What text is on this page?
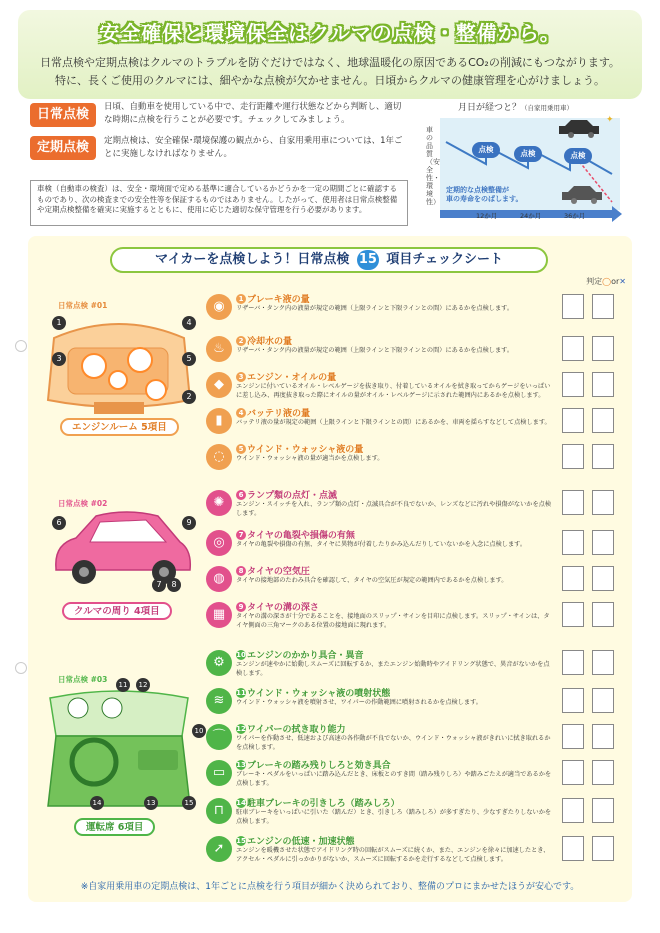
安全確保と環境保全はクルマの点検・整備から。
日常点検や定期点検はクルマのトラブルを防ぐだけではなく、地球温暖化の原因であるCO₂の削減にもつながります。
特に、長くご使用のクルマには、細やかな点検が欠かせません。日頃からクルマの健康管理を心がけましょう。
日常点検	日頃、自動車を使用している中で、走行距離や運行状態などから判断し、適切な時期に点検を行うことが必要です。チェックしてみましょう。
定期点検	定期点検は、安全確保･環境保護の観点から、自家用乗用車については、1年ごとに実施しなければなりません。
車検（自動車の検査）は、安全・環境面で定める基準に適合しているかどうかを一定の期間ごとに確認するものであり、次の検査までの安全性等を保証するものではありません。したがって、使用者は日常点検整備や定期点検整備を確実に実施するとともに、使用に応じた適切な保守管理を行う必要があります。
月日が経つと？（自家用乗用車）
車の品質（安全性・環境性）
✦
点検	点検	点検
定期的な点検整備が
車の寿命をのばします。
12か月	24か月	36か月
マイカーを点検しよう！日常点検 15 項目チェックシート
判定◯or✕
日常点検 #01
1
2
3
4
5
エンジンルーム 5項目
日常点検 #02
6
7	8
9
クルマの周り 4項目
日常点検 #03
10
11	12
13
14	15
運転席 6項目
◉	1 ブレーキ液の量
リザーバ・タンク内の液量が規定の範囲（上限ラインと下限ラインとの間）にあるかを点検します。
♨	2 冷却水の量
リザーバ・タンク内の液量が規定の範囲（上限ラインと下限ラインとの間）にあるかを点検します。
◆	3 エンジン・オイルの量
エンジンに付いているオイル・レベルゲージを抜き取り、付着しているオイルを拭き取ってからゲージをいっぱいに差し込み、再度抜き取った際にオイルの量がオイル・レベルゲージに示された範囲内にあるかを点検します。
▮	4 バッテリ液の量
バッテリ液の量が規定の範囲（上限ラインと下限ラインとの間）にあるかを、車両を揺らすなどして点検します。
◌	5 ウインド・ウォッシャ液の量
ウインド・ウォッシャ液の量が適当かを点検します。
✺	6 ランプ類の点灯・点滅
エンジン・スイッチを入れ、ランプ類の点灯・点滅具合が不良でないか、レンズなどに汚れや損傷がないかを点検します。
◎	7 タイヤの亀裂や損傷の有無
タイヤの亀裂や損傷の有無、タイヤに異物が付着したりかみ込んだりしていないかを入念に点検します。
◍	8 タイヤの空気圧
タイヤの接地部のたわみ具合を確認して、タイヤの空気圧が規定の範囲内であるかを点検します。
▦	9 タイヤの溝の深さ
タイヤの溝の深さが十分であることを、接地面のスリップ・サインを目印に点検します。スリップ・サインは、タイヤ側面の三角マークのある位置の接地面に現れます。
⚙	10エンジンのかかり具合・異音
エンジンが速やかに始動しスムーズに回転するか、またエンジン始動時やアイドリング状態で、異音がないかを点検します。
≋	11ウインド・ウォッシャ液の噴射状態
ウインド・ウォッシャ液を噴射させ、ワイパーの作動範囲に噴射されるかを点検します。
⌒	12ワイパーの拭き取り能力
ワイパーを作動させ、低速および高速の各作動が不良でないか、ウインド・ウォッシャ液がきれいに拭き取れるかを点検します。
▭	13ブレーキの踏み残りしろと効き具合
ブレーキ・ペダルをいっぱいに踏み込んだとき、床板とのすき間（踏み残りしろ）や踏みごたえが適当であるかを点検します。
⊓	14駐車ブレーキの引きしろ（踏みしろ）
駐車ブレーキをいっぱいに引いた（踏んだ）とき、引きしろ（踏みしろ）が多すぎたり、少なすぎたりしないかを点検します。
➚	15エンジンの低速・加速状態
エンジンを暖機させた状態でアイドリング時の回転がスムーズに続くか、また、エンジンを徐々に加速したとき、アクセル・ペダルに引っかかりがないか、スムーズに回転するかを走行するなどして点検します。
※自家用乗用車の定期点検は、1年ごとに点検を行う項目が細かく決められており、整備のプロにまかせたほうが安心です。
